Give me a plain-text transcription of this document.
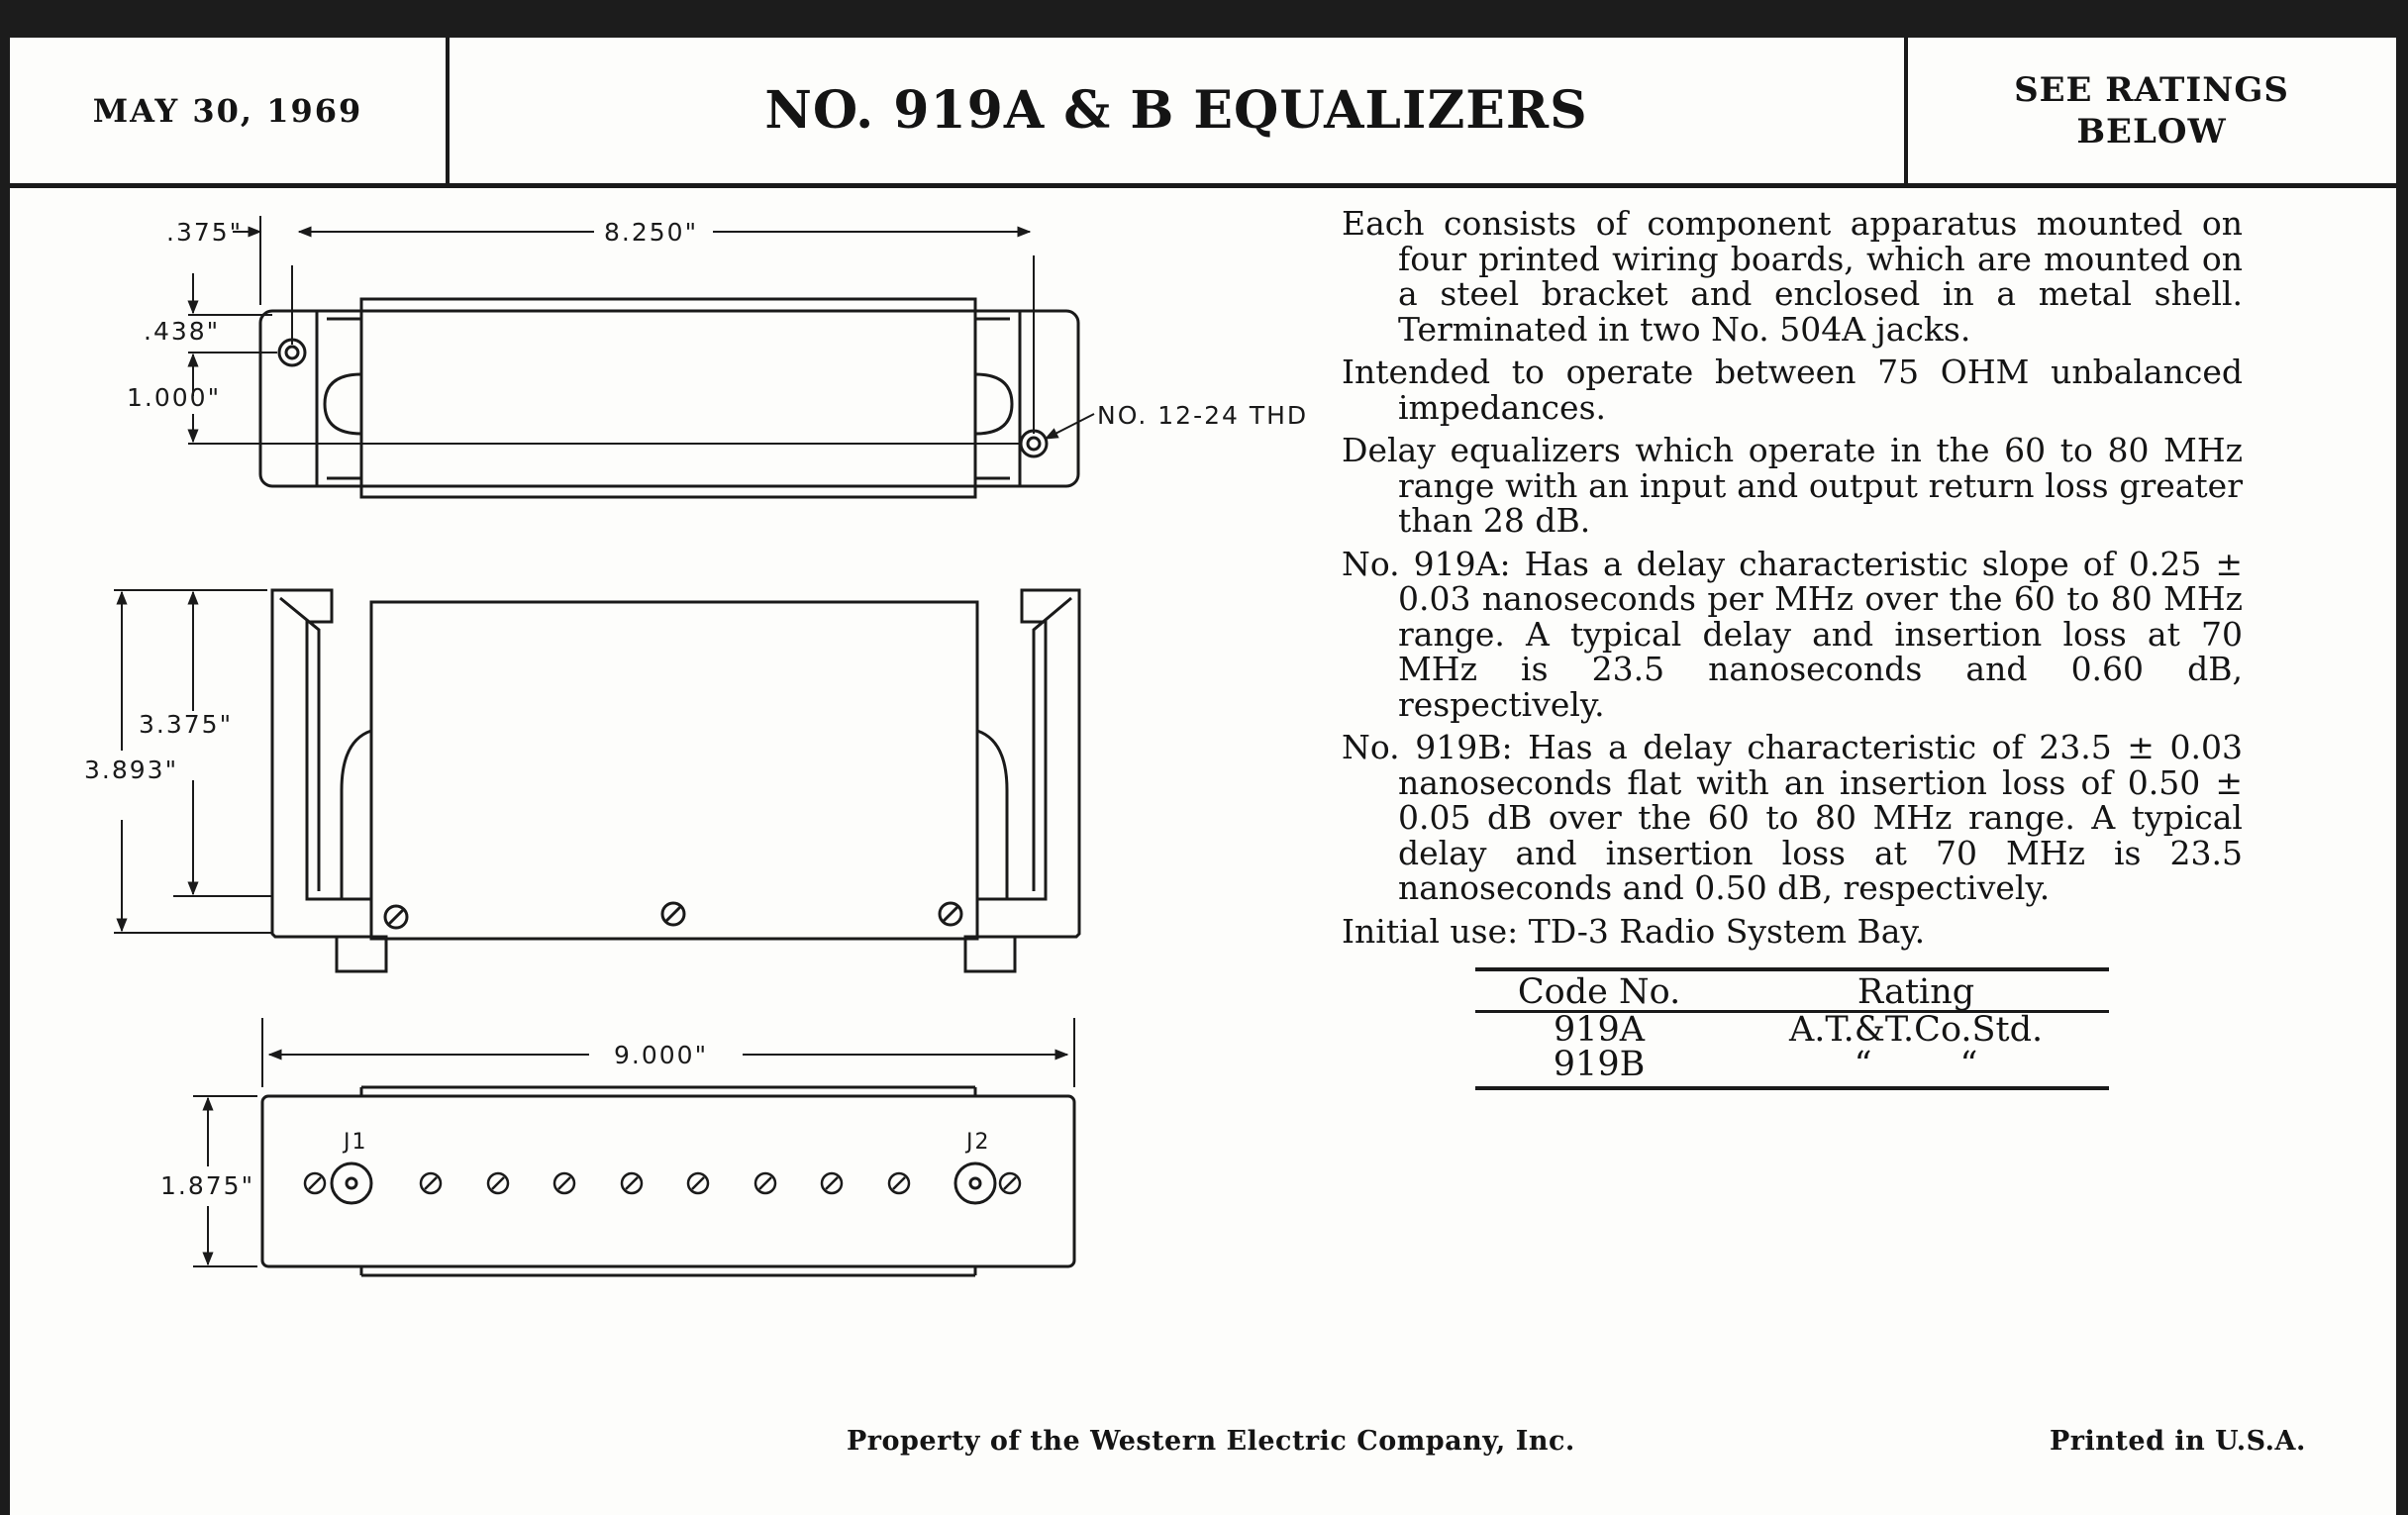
MAY 30, 1969	NO. 919A & B EQUALIZERS	SEE RATINGS
BELOW
.375"	8.250"
.438"
1.000"
NO. 12-24 THD
3.375"
3.893"
9.000"
1.875"
J1	J2

Each consists of component apparatus mounted on four printed wiring boards, which are mounted on a steel bracket and enclosed in a metal shell. Terminated in two No. 504A jacks.

Intended to operate between 75 OHM unbalanced impedances.

Delay equalizers which operate in the 60 to 80 MHz range with an input and output return loss greater than 28 dB.

No. 919A: Has a delay characteristic slope of 0.25 ± 0.03 nanoseconds per MHz over the 60 to 80 MHz range. A typical delay and insertion loss at 70 MHz is 23.5 nanoseconds and 0.60 dB, respectively.

No. 919B: Has a delay characteristic of 23.5 ± 0.03 nanoseconds flat with an insertion loss of 0.50 ± 0.05 dB over the 60 to 80 MHz range. A typical delay and insertion loss at 70 MHz is 23.5 nanoseconds and 0.50 dB, respectively.

Initial use: TD-3 Radio System Bay.

Code No.	Rating
919A	A.T.&T.Co.Std.
919B	“        “
Property of the Western Electric Company, Inc.	Printed in U.S.A.
